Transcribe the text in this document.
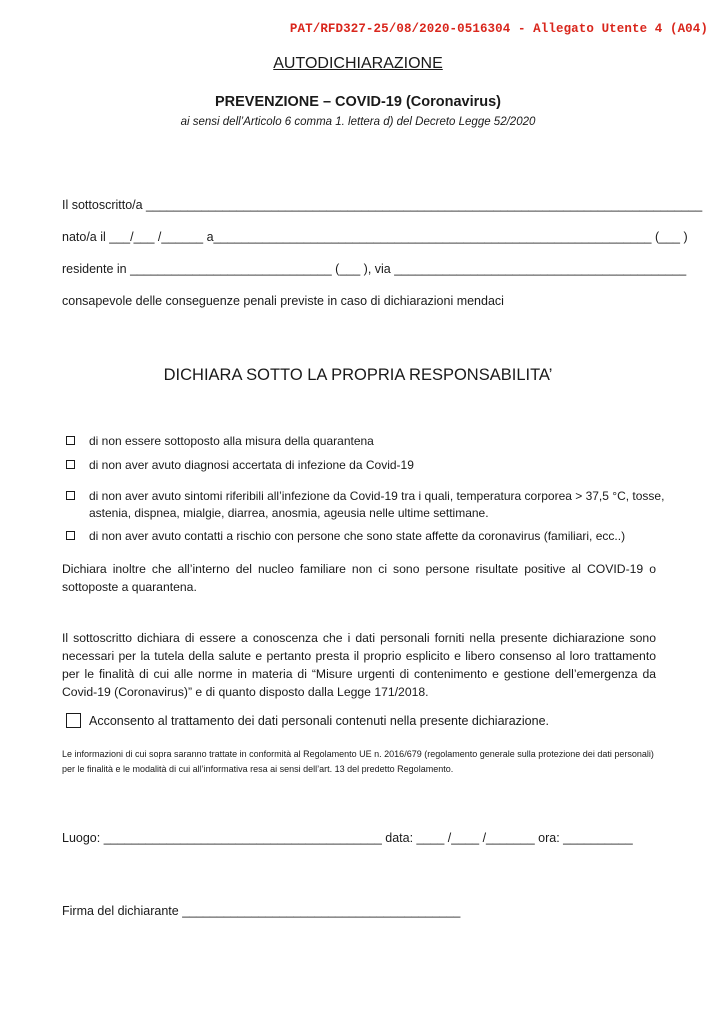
PAT/RFD327-25/08/2020-0516304 - Allegato Utente 4 (A04)
AUTODICHIARAZIONE
PREVENZIONE – COVID-19 (Coronavirus)
ai sensi dell’Articolo 6 comma 1. lettera d) del Decreto Legge 52/2020
Il sottoscritto/a ________________________________________________________________________________
nato/a il ___/___ /______ a_______________________________________________________________ (___ )
residente in _____________________________ (___ ), via __________________________________________
consapevole delle conseguenze penali previste in caso di dichiarazioni mendaci
DICHIARA SOTTO LA PROPRIA RESPONSABILITA’
di non essere sottoposto alla misura della quarantena
di non aver avuto diagnosi accertata di infezione da Covid-19
di non aver avuto sintomi riferibili all’infezione da Covid-19 tra i quali, temperatura corporea > 37,5 °C, tosse, astenia, dispnea, mialgie, diarrea, anosmia, ageusia nelle ultime settimane.
di non aver avuto contatti a rischio con persone che sono state affette da coronavirus (familiari, ecc..)
Dichiara inoltre che all’interno del nucleo familiare non ci sono persone risultate positive al COVID-19 o sottoposte a quarantena.
Il sottoscritto dichiara di essere a conoscenza che i dati personali forniti nella presente dichiarazione sono necessari per la tutela della salute e pertanto presta il proprio esplicito e libero consenso al loro trattamento per le finalità di cui alle norme in materia di “Misure urgenti di contenimento e gestione dell’emergenza da Covid-19 (Coronavirus)” e di quanto disposto dalla Legge 171/2018.
Acconsento al trattamento dei dati personali contenuti nella presente dichiarazione.
Le informazioni di cui sopra saranno trattate in conformità al Regolamento UE n. 2016/679 (regolamento generale sulla protezione dei dati personali) per le finalità e le modalità di cui all’informativa resa ai sensi dell’art. 13 del predetto Regolamento.
Luogo: ________________________________________ data: ____ /____ /_______ ora: __________
Firma del dichiarante ________________________________________
